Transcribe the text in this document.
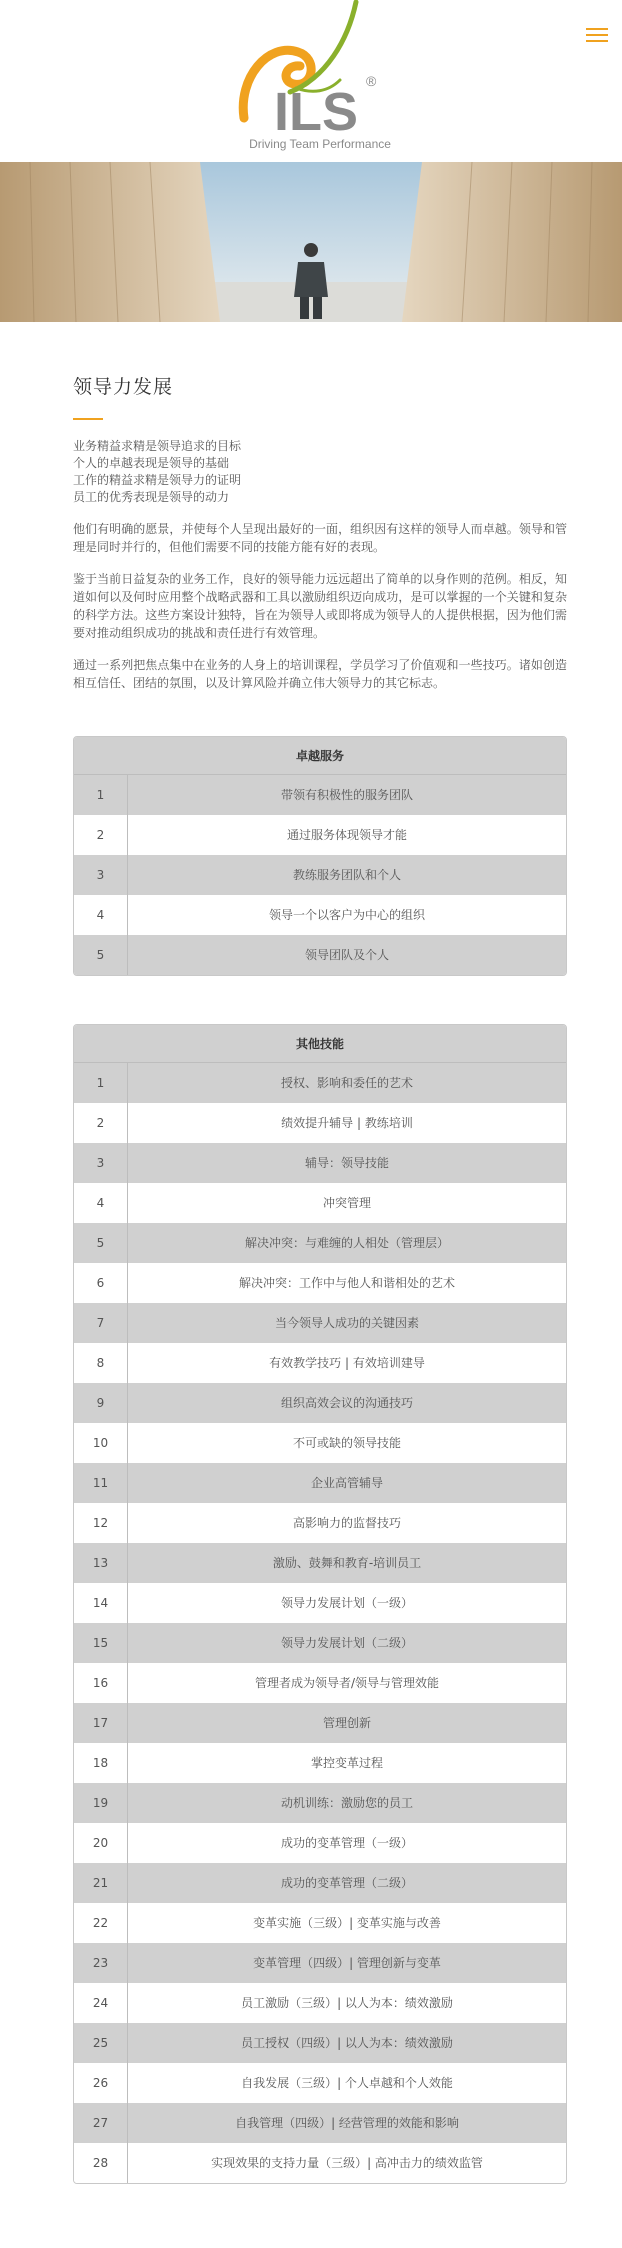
ILS
®
Driving Team Performance
领导力发展
业务精益求精是领导追求的目标
个人的卓越表现是领导的基础
工作的精益求精是领导力的证明
员工的优秀表现是领导的动力

他们有明确的愿景，并使每个人呈现出最好的一面，组织因有这样的领导人而卓越。领导和管理是同时并行的，但他们需要不同的技能方能有好的表现。

鉴于当前日益复杂的业务工作，良好的领导能力远远超出了简单的以身作则的范例。相反，知道如何以及何时应用整个战略武器和工具以激励组织迈向成功，是可以掌握的一个关键和复杂的科学方法。这些方案设计独特，旨在为领导人或即将成为领导人的人提供根据，因为他们需要对推动组织成功的挑战和责任进行有效管理。

通过一系列把焦点集中在业务的人身上的培训课程，学员学习了价值观和一些技巧。诸如创造相互信任、团结的氛围，以及计算风险并确立伟大领导力的其它标志。

卓越服务
1	带领有积极性的服务团队
2	通过服务体现领导才能
3	教练服务团队和个人
4	领导一个以客户为中心的组织
5	领导团队及个人
其他技能
1	授权、影响和委任的艺术
2	绩效提升辅导 | 教练培训
3	辅导：领导技能
4	冲突管理
5	解决冲突：与难缠的人相处（管理层）
6	解决冲突：工作中与他人和谐相处的艺术
7	当今领导人成功的关键因素
8	有效教学技巧 | 有效培训建导
9	组织高效会议的沟通技巧
10	不可或缺的领导技能
11	企业高管辅导
12	高影响力的监督技巧
13	激励、鼓舞和教育-培训员工
14	领导力发展计划（一级）
15	领导力发展计划（二级）
16	管理者成为领导者/领导与管理效能
17	管理创新
18	掌控变革过程
19	动机训练：激励您的员工
20	成功的变革管理（一级）
21	成功的变革管理（二级）
22	变革实施（三级）| 变革实施与改善
23	变革管理（四级）| 管理创新与变革
24	员工激励（三级）| 以人为本：绩效激励
25	员工授权（四级）| 以人为本：绩效激励
26	自我发展（三级）| 个人卓越和个人效能
27	自我管理（四级）| 经营管理的效能和影响
28	实现效果的支持力量（三级）| 高冲击力的绩效监管
